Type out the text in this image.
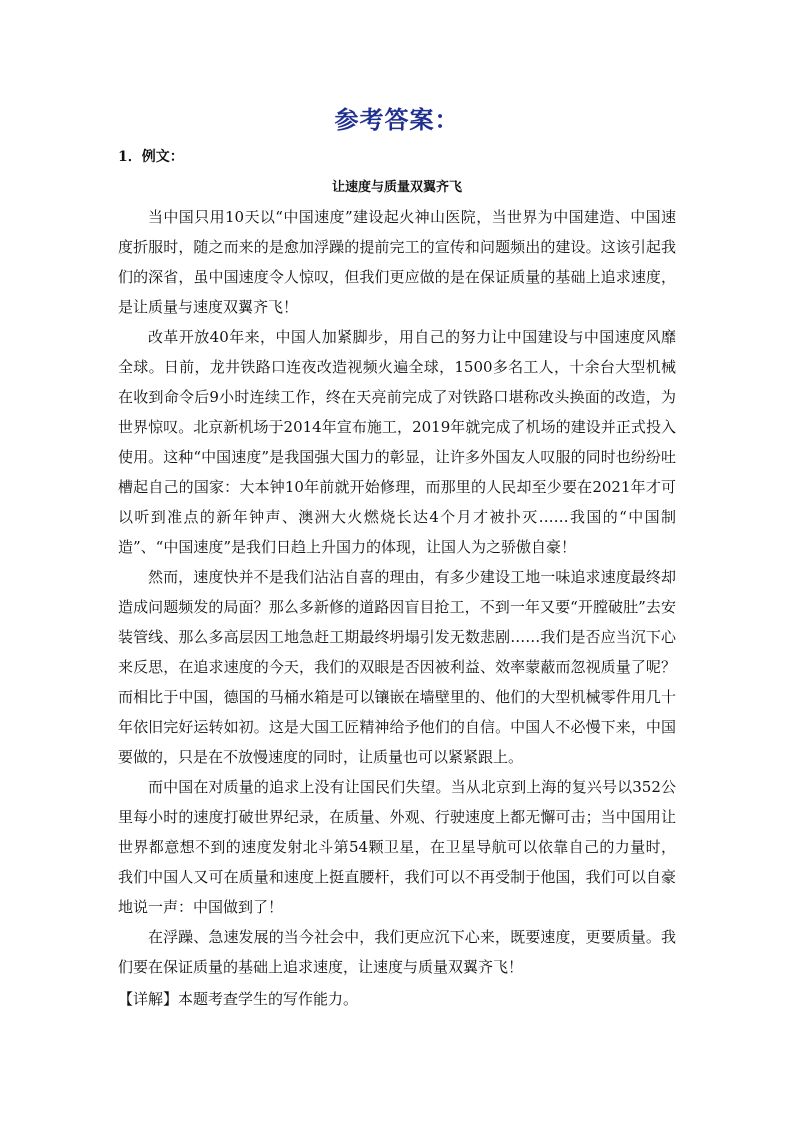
参考答案：
1．例文：
让速度与质量双翼齐飞

当中国只用10天以“中国速度”建设起火神山医院，当世界为中国建造、中国速度折服时，随之而来的是愈加浮躁的提前完工的宣传和问题频出的建设。这该引起我们的深省，虽中国速度令人惊叹，但我们更应做的是在保证质量的基础上追求速度，是让质量与速度双翼齐飞！

改革开放40年来，中国人加紧脚步，用自己的努力让中国建设与中国速度风靡全球。日前，龙井铁路口连夜改造视频火遍全球，1500多名工人，十余台大型机械在收到命令后9小时连续工作，终在天亮前完成了对铁路口堪称改头换面的改造，为世界惊叹。北京新机场于2014年宣布施工，2019年就完成了机场的建设并正式投入使用。这种“中国速度”是我国强大国力的彰显，让许多外国友人叹服的同时也纷纷吐槽起自己的国家：大本钟10年前就开始修理，而那里的人民却至少要在2021年才可以听到准点的新年钟声、澳洲大火燃烧长达4个月才被扑灭……我国的“中国制造”、“中国速度”是我们日趋上升国力的体现，让国人为之骄傲自豪！

然而，速度快并不是我们沾沾自喜的理由，有多少建设工地一味追求速度最终却造成问题频发的局面？那么多新修的道路因盲目抢工，不到一年又要“开膛破肚”去安装管线、那么多高层因工地急赶工期最终坍塌引发无数悲剧……我们是否应当沉下心来反思，在追求速度的今天，我们的双眼是否因被利益、效率蒙蔽而忽视质量了呢？而相比于中国，德国的马桶水箱是可以镶嵌在墙壁里的、他们的大型机械零件用几十年依旧完好运转如初。这是大国工匠精神给予他们的自信。中国人不必慢下来，中国要做的，只是在不放慢速度的同时，让质量也可以紧紧跟上。

而中国在对质量的追求上没有让国民们失望。当从北京到上海的复兴号以352公里每小时的速度打破世界纪录，在质量、外观、行驶速度上都无懈可击；当中国用让世界都意想不到的速度发射北斗第54颗卫星，在卫星导航可以依靠自己的力量时，我们中国人又可在质量和速度上挺直腰杆，我们可以不再受制于他国，我们可以自豪地说一声：中国做到了！

在浮躁、急速发展的当今社会中，我们更应沉下心来，既要速度，更要质量。我们要在保证质量的基础上追求速度，让速度与质量双翼齐飞！

【详解】本题考查学生的写作能力。
